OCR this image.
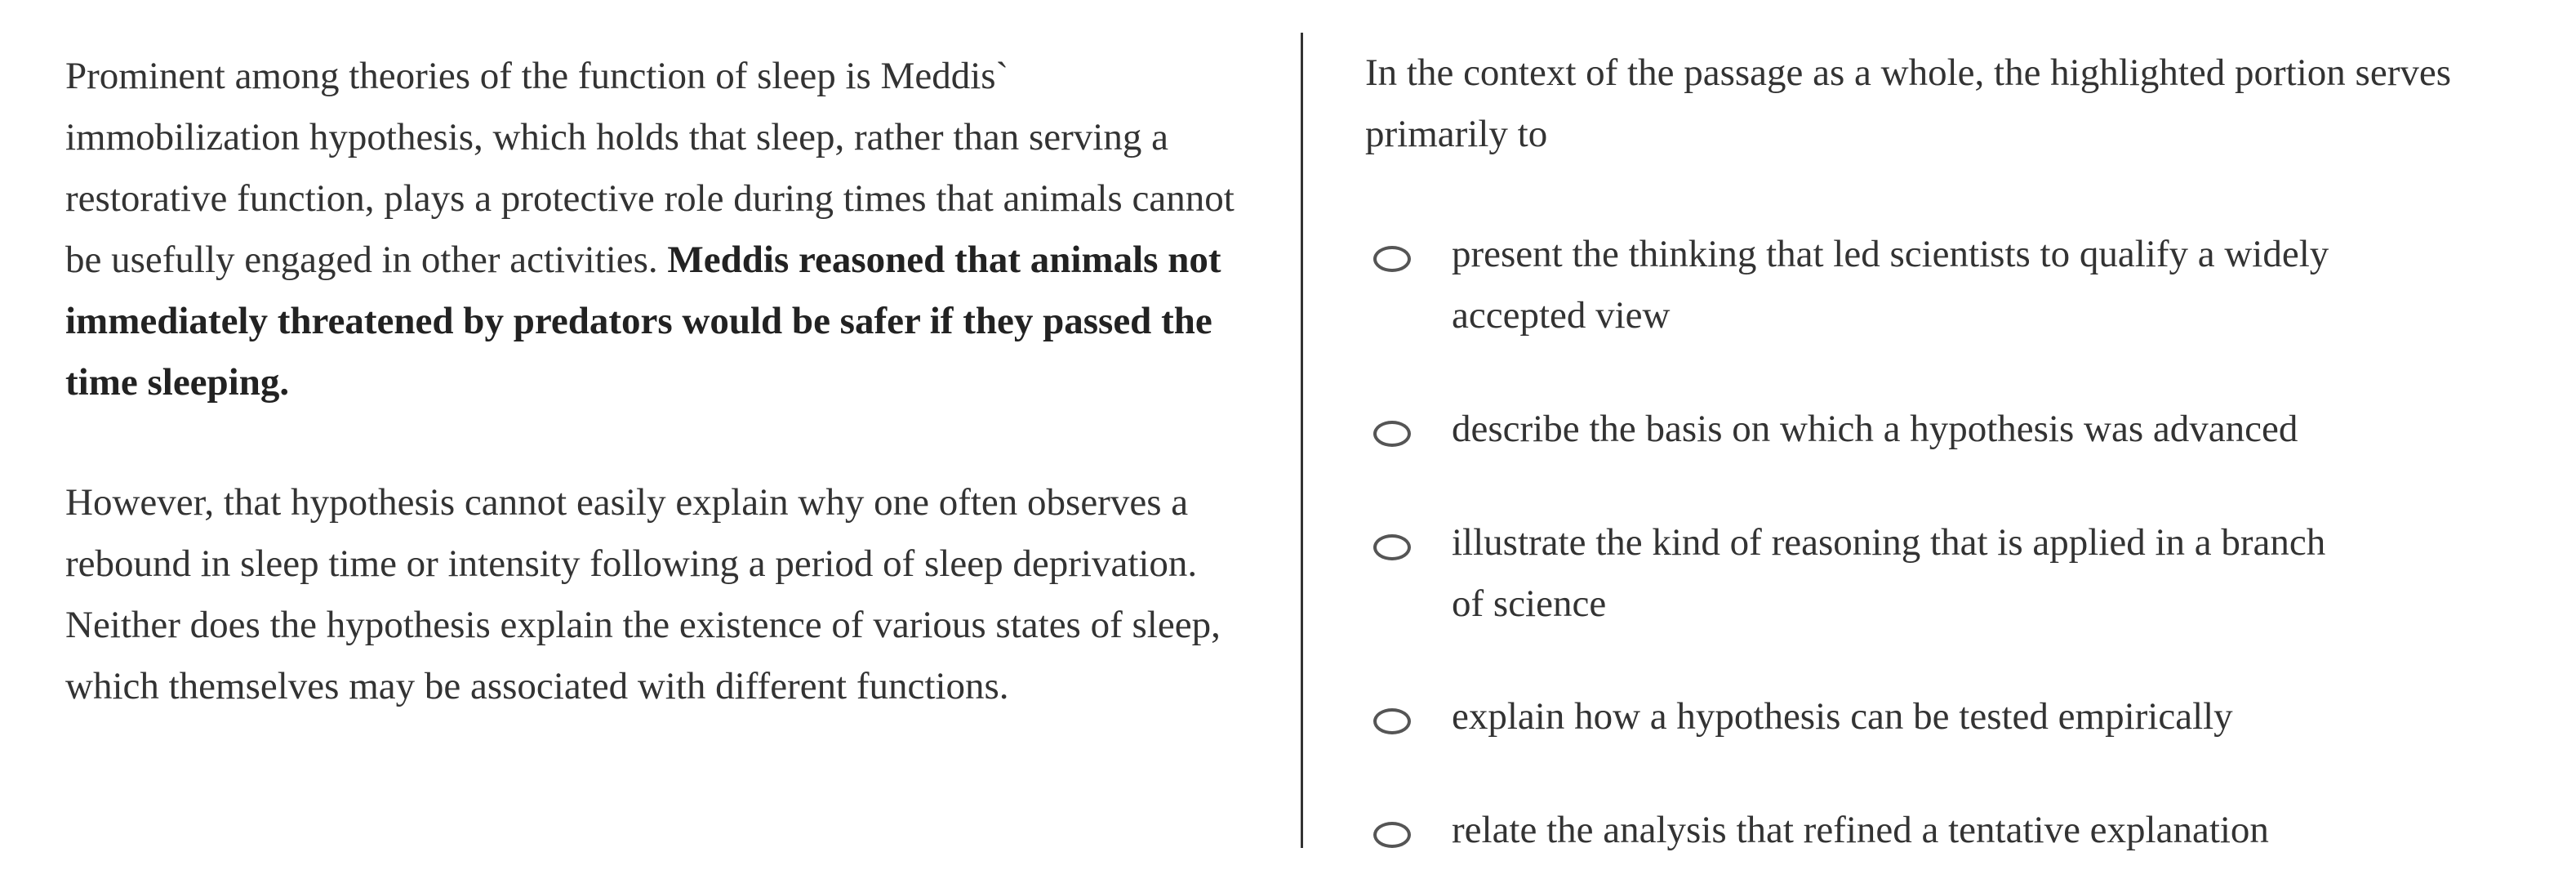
Prominent among theories of the function of sleep is Meddis` immobilization hypothesis, which holds that sleep, rather than serving a restorative function, plays a protective role during times that animals cannot be usefully engaged in other activities. Meddis reasoned that animals not immediately threatened by predators would be safer if they passed the time sleeping.

However, that hypothesis cannot easily explain why one often observes a rebound in sleep time or intensity following a period of sleep deprivation. Neither does the hypothesis explain the existence of various states of sleep, which themselves may be associated with different functions.

In the context of the passage as a whole, the highlighted portion serves primarily to

present the thinking that led scientists to qualify a widely accepted view
describe the basis on which a hypothesis was advanced
illustrate the kind of reasoning that is applied in a branch of science
explain how a hypothesis can be tested empirically
relate the analysis that refined a tentative explanation
